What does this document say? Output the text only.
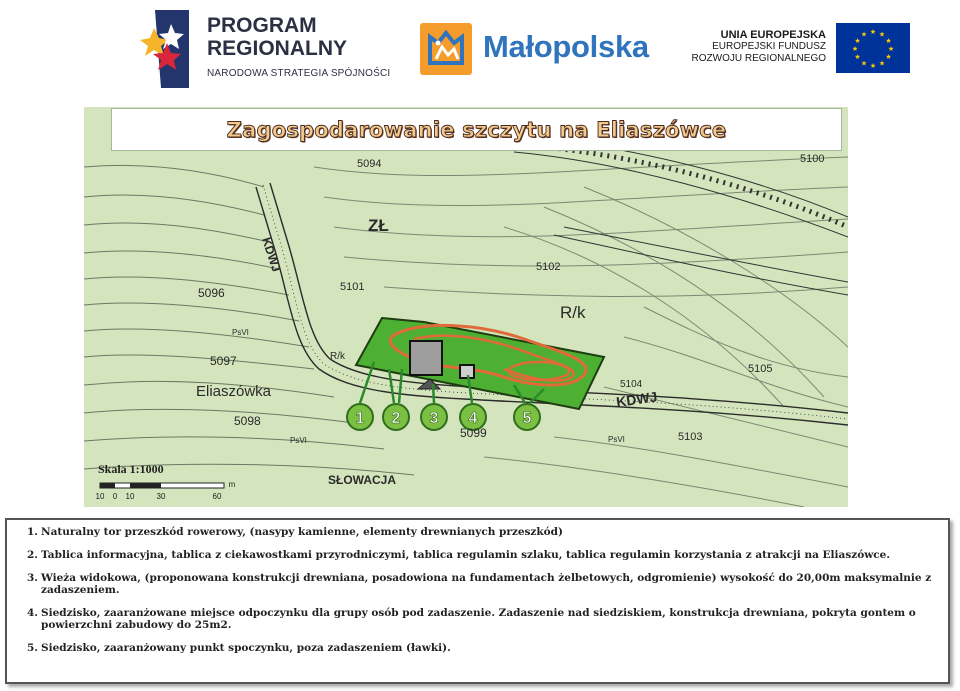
PROGRAM
REGIONALNY
NARODOWA STRATEGIA SPÓJNOŚCI
Małopolska	UNIA EUROPEJSKA
EUROPEJSKI FUNDUSZ
ROZWOJU REGIONALNEGO
★ ★
★
★
★
★
★
★
★
★
★
★
1 2 3 4	5
5094	5100
ZŁ
KDWJ	5102
5096	5101
R/k
PsVI
5097	R/k
5105
5104
Eliaszówka	KDWJ
5098
5099	5103
PsVI	PsVI
SŁOWACJA
Skala 1:1000
10 0 10	30	60
m
Zagospodarowanie szczytu na Eliaszówce
1. Naturalny tor przeszkód rowerowy, (nasypy kamienne, elementy drewnianych przeszkód)
2. Tablica informacyjna, tablica z ciekawostkami przyrodniczymi, tablica regulamin szlaku, tablica regulamin korzystania z atrakcji na Eliaszówce.
3. Wieża widokowa, (proponowana konstrukcji drewniana, posadowiona na fundamentach żelbetowych, odgromienie) wysokość do 20,00m maksymalnie z zadaszeniem.
4. Siedzisko, zaaranżowane miejsce odpoczynku dla grupy osób pod zadaszenie. Zadaszenie nad siedziskiem, konstrukcja drewniana, pokryta gontem o powierzchni zabudowy do 25m2.
5. Siedzisko, zaaranżowany punkt spoczynku, poza zadaszeniem (ławki).
